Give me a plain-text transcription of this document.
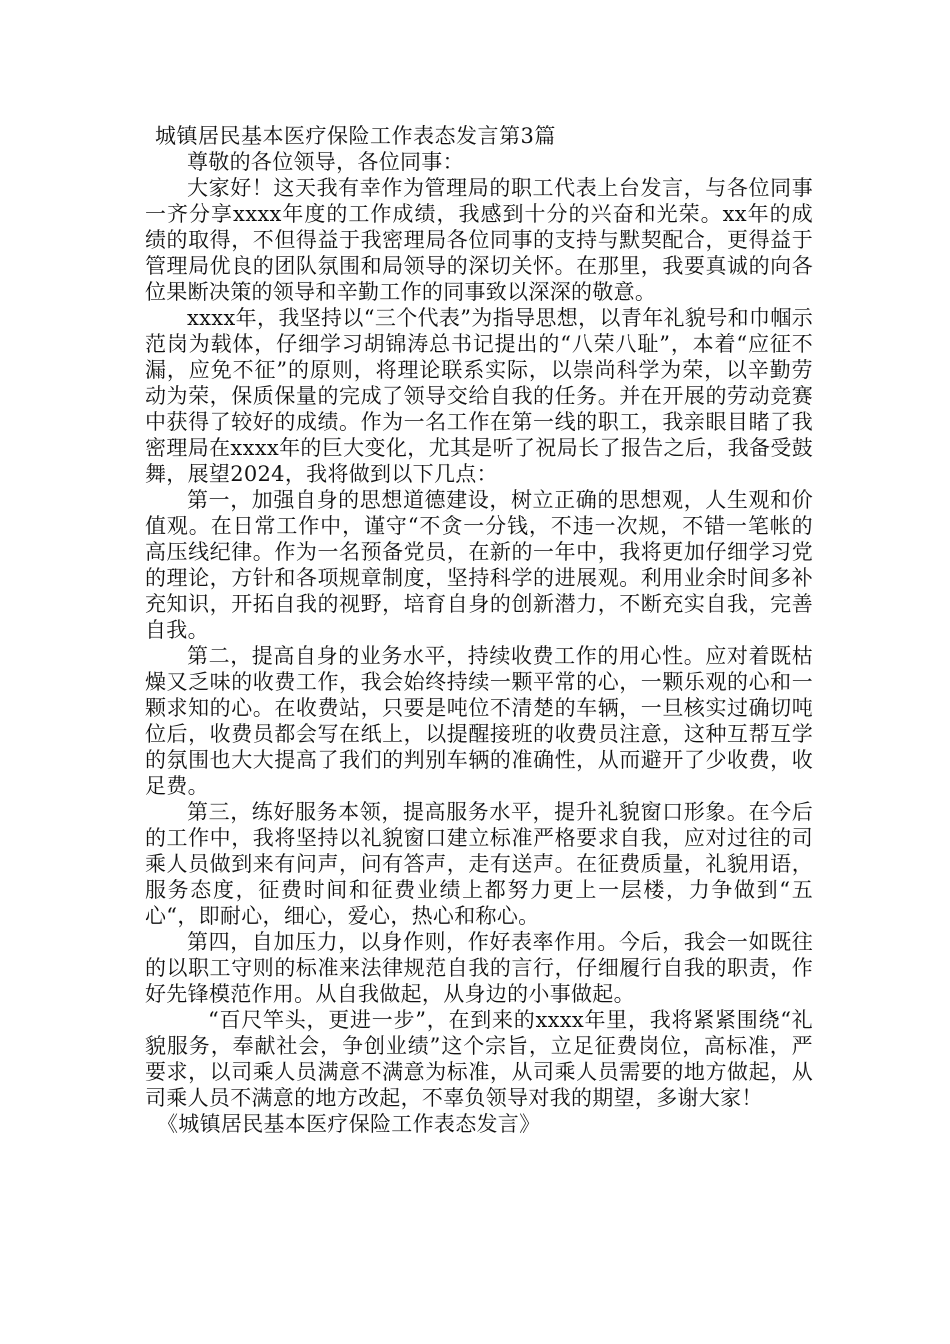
城镇居民基本医疗保险工作表态发言第3篇

尊敬的各位领导，各位同事：

大家好！这天我有幸作为管理局的职工代表上台发言，与各位同事一齐分享xxxx年度的工作成绩，我感到十分的兴奋和光荣。xx年的成绩的取得，不但得益于我密理局各位同事的支持与默契配合，更得益于管理局优良的团队氛围和局领导的深切关怀。在那里，我要真诚的向各位果断决策的领导和辛勤工作的同事致以深深的敬意。

xxxx年，我坚持以“三个代表”为指导思想，以青年礼貌号和巾帼示范岗为载体，仔细学习胡锦涛总书记提出的“八荣八耻”，本着“应征不漏，应免不征”的原则，将理论联系实际，以崇尚科学为荣，以辛勤劳动为荣，保质保量的完成了领导交给自我的任务。并在开展的劳动竞赛中获得了较好的成绩。作为一名工作在第一线的职工，我亲眼目睹了我密理局在xxxx年的巨大变化，尤其是听了祝局长了报告之后，我备受鼓舞，展望2024，我将做到以下几点：

第一，加强自身的思想道德建设，树立正确的思想观，人生观和价值观。在日常工作中，谨守“不贪一分钱，不违一次规，不错一笔帐的高压线纪律。作为一名预备党员，在新的一年中，我将更加仔细学习党的理论，方针和各项规章制度，坚持科学的进展观。利用业余时间多补充知识，开拓自我的视野，培育自身的创新潜力，不断充实自我，完善自我。

第二，提高自身的业务水平，持续收费工作的用心性。应对着既枯燥又乏味的收费工作，我会始终持续一颗平常的心，一颗乐观的心和一颗求知的心。在收费站，只要是吨位不清楚的车辆，一旦核实过确切吨位后，收费员都会写在纸上，以提醒接班的收费员注意，这种互帮互学的氛围也大大提高了我们的判别车辆的准确性，从而避开了少收费，收足费。

第三，练好服务本领，提高服务水平，提升礼貌窗口形象。在今后的工作中，我将坚持以礼貌窗口建立标准严格要求自我，应对过往的司乘人员做到来有问声，问有答声，走有送声。在征费质量，礼貌用语，服务态度，征费时间和征费业绩上都努力更上一层楼，力争做到“五心“，即耐心，细心，爱心，热心和称心。

第四，自加压力，以身作则，作好表率作用。今后，我会一如既往的以职工守则的标准来法律规范自我的言行，仔细履行自我的职责，作好先锋模范作用。从自我做起，从身边的小事做起。

“百尺竿头，更进一步”，在到来的xxxx年里，我将紧紧围绕“礼貌服务，奉献社会，争创业绩”这个宗旨，立足征费岗位，高标准，严要求，以司乘人员满意不满意为标准，从司乘人员需要的地方做起，从司乘人员不满意的地方改起，不辜负领导对我的期望，多谢大家！

《城镇居民基本医疗保险工作表态发言》
